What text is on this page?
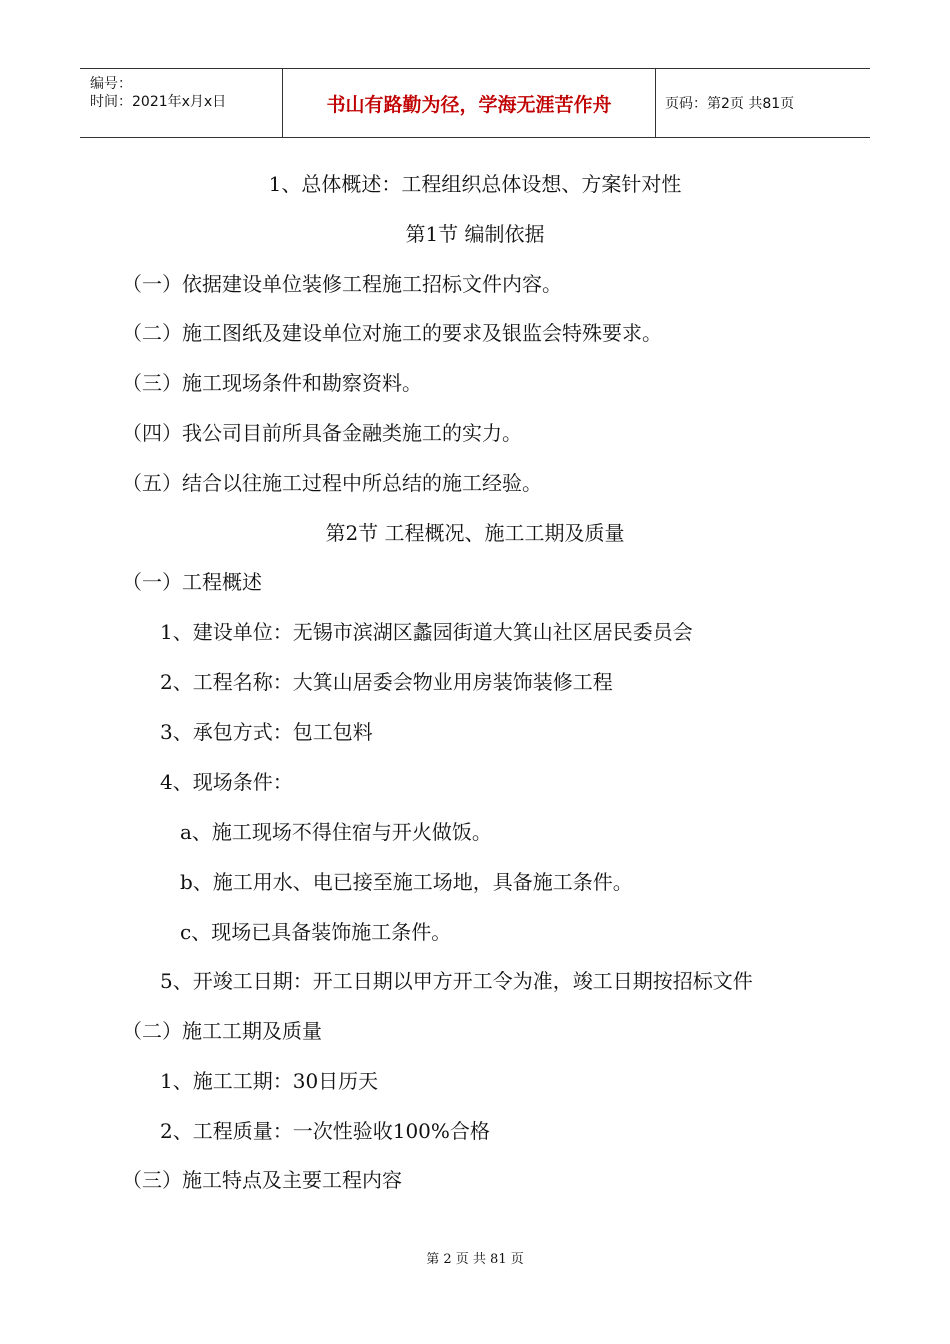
编号：
时间：2021年x月x日	书山有路勤为径，学海无涯苦作舟	页码：第2页 共81页
1、总体概述：工程组织总体设想、方案针对性
第1节 编制依据
（一）依据建设单位装修工程施工招标文件内容。
（二）施工图纸及建设单位对施工的要求及银监会特殊要求。
（三）施工现场条件和勘察资料。
（四）我公司目前所具备金融类施工的实力。
（五）结合以往施工过程中所总结的施工经验。
第2节 工程概况、施工工期及质量
（一）工程概述
1、建设单位：无锡市滨湖区蠡园街道大箕山社区居民委员会
2、工程名称：大箕山居委会物业用房装饰装修工程
3、承包方式：包工包料
4、现场条件：
a、施工现场不得住宿与开火做饭。
b、施工用水、电已接至施工场地，具备施工条件。
c、现场已具备装饰施工条件。
5、开竣工日期：开工日期以甲方开工令为准，竣工日期按招标文件
（二）施工工期及质量
1、施工工期：30日历天
2、工程质量：一次性验收100%合格
（三）施工特点及主要工程内容
第 2 页 共 81 页
